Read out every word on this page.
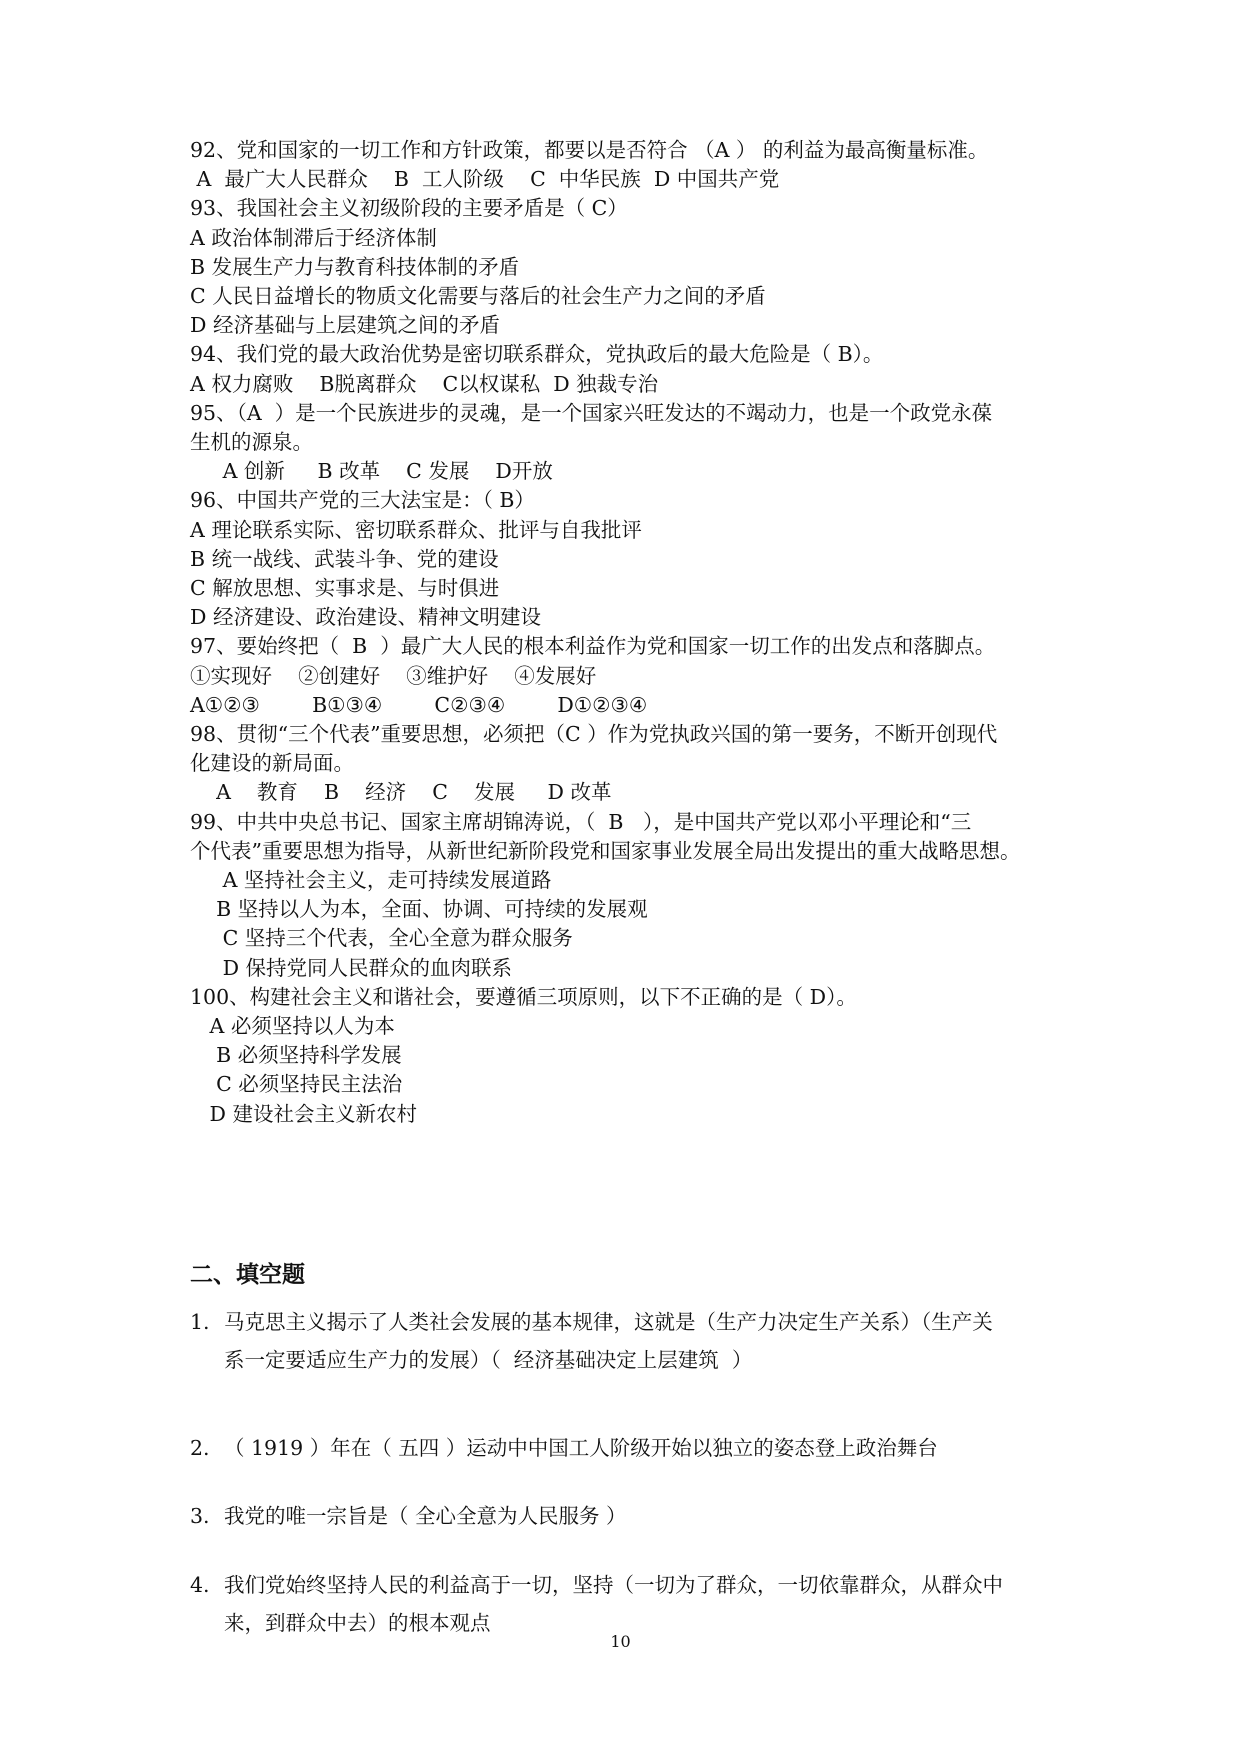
92、党和国家的一切工作和方针政策，都要以是否符合 （A ） 的利益为最高衡量标准。
A  最广大人民群众    B  工人阶级    C  中华民族  D 中国共产党
93、我国社会主义初级阶段的主要矛盾是（ C）
A 政治体制滞后于经济体制
B 发展生产力与教育科技体制的矛盾
C 人民日益增长的物质文化需要与落后的社会生产力之间的矛盾
D 经济基础与上层建筑之间的矛盾
94、我们党的最大政治优势是密切联系群众，党执政后的最大危险是（ B）。
A 权力腐败    B脱离群众    C以权谋私  D 独裁专治
95、（A  ）是一个民族进步的灵魂，是一个国家兴旺发达的不竭动力，也是一个政党永葆
生机的源泉。
A 创新     B 改革    C 发展    D开放
96、中国共产党的三大法宝是：（ B）
A 理论联系实际、密切联系群众、批评与自我批评
B 统一战线、武装斗争、党的建设
C 解放思想、实事求是、与时俱进
D 经济建设、政治建设、精神文明建设
97、要始终把（  B  ）最广大人民的根本利益作为党和国家一切工作的出发点和落脚点。
①实现好    ②创建好    ③维护好    ④发展好
A①②③        B①③④        C②③④        D①②③④
98、贯彻“三个代表”重要思想，必须把（C ）作为党执政兴国的第一要务，不断开创现代
化建设的新局面。
A    教育    B    经济    C    发展     D 改革
99、中共中央总书记、国家主席胡锦涛说，（  B   ），是中国共产党以邓小平理论和“三
个代表”重要思想为指导，从新世纪新阶段党和国家事业发展全局出发提出的重大战略思想。
A 坚持社会主义，走可持续发展道路
B 坚持以人为本，全面、协调、可持续的发展观
C 坚持三个代表，全心全意为群众服务
D 保持党同人民群众的血肉联系
100、构建社会主义和谐社会，要遵循三项原则，以下不正确的是（ D）。
A 必须坚持以人为本
B 必须坚持科学发展
C 必须坚持民主法治
D 建设社会主义新农村
二、填空题
1. 马克思主义揭示了人类社会发展的基本规律，这就是（生产力决定生产关系）（生产关
系一定要适应生产力的发展）（  经济基础决定上层建筑  ）
2. （ 1919 ）年在（ 五四 ）运动中中国工人阶级开始以独立的姿态登上政治舞台
3. 我党的唯一宗旨是（ 全心全意为人民服务 ）
4. 我们党始终坚持人民的利益高于一切，坚持（一切为了群众，一切依靠群众，从群众中
来，到群众中去）的根本观点
10
